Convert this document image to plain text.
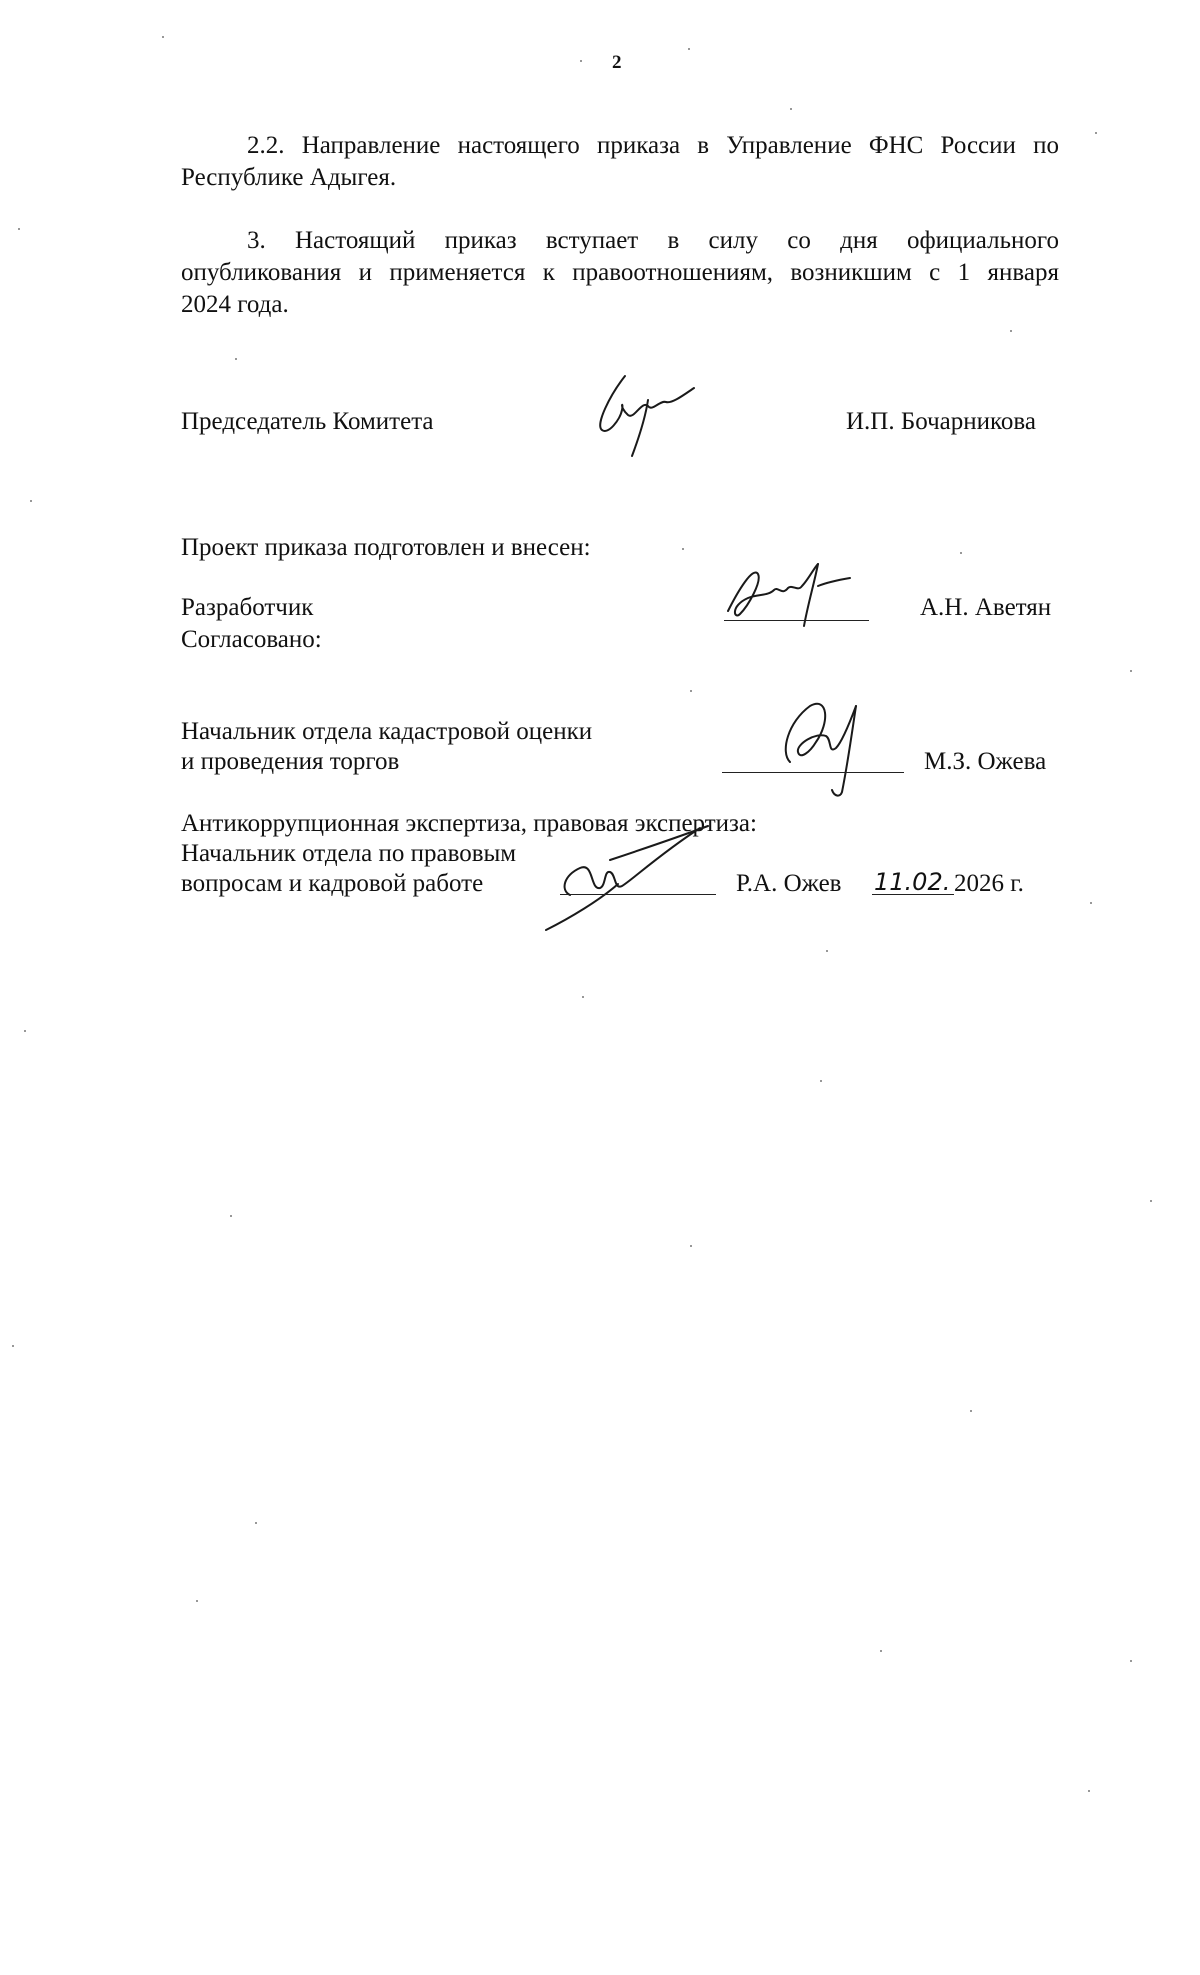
2
2.2. Направление настоящего приказа в Управление ФНС России по
Республике Адыгея.
3. Настоящий приказ вступает в силу со дня официального
опубликования и применяется к правоотношениям, возникшим с 1 января
2024 года.
Председатель Комитета	И.П. Бочарникова
Проект приказа подготовлен и внесен:
Разработчик	А.Н. Аветян
Согласовано:
Начальник отдела кадастровой оценки
и проведения торгов	М.З. Ожева
Антикоррупционная экспертиза, правовая экспертиза:
Начальник отдела по правовым
вопросам и кадровой работе	Р.А. Ожев 11.02. 2026 г.
